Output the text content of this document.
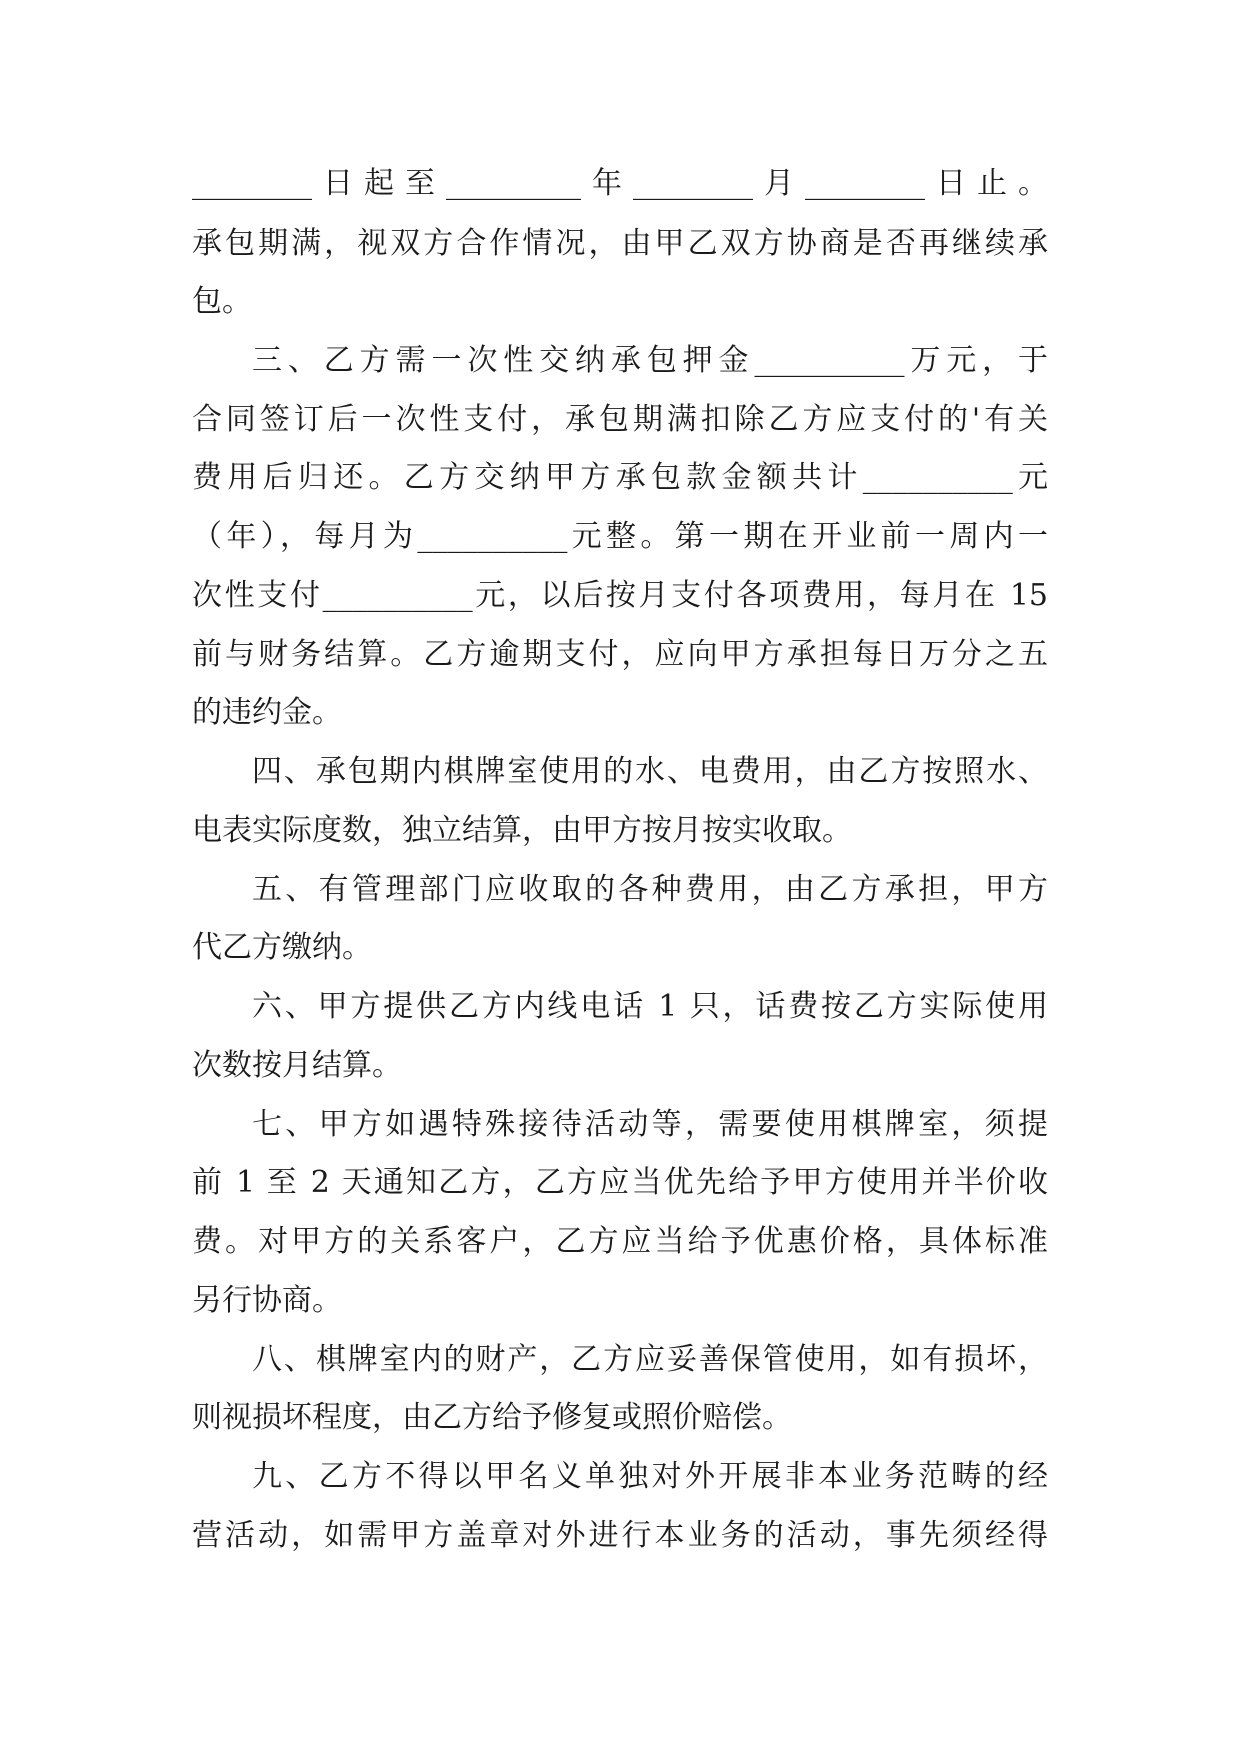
________日起至_________年________月________日止。
承包期满，视双方合作情况，由甲乙双方协商是否再继续承
包。
三、乙方需一次性交纳承包押金__________万元，于
合同签订后一次性支付，承包期满扣除乙方应支付的'有关
费用后归还。乙方交纳甲方承包款金额共计__________元
（年），每月为__________元整。第一期在开业前一周内一
次性支付__________元，以后按月支付各项费用，每月在 15
前与财务结算。乙方逾期支付，应向甲方承担每日万分之五
的违约金。
四、承包期内棋牌室使用的水、电费用，由乙方按照水、
电表实际度数，独立结算，由甲方按月按实收取。
五、有管理部门应收取的各种费用，由乙方承担，甲方
代乙方缴纳。
六、甲方提供乙方内线电话 1 只，话费按乙方实际使用
次数按月结算。
七、甲方如遇特殊接待活动等，需要使用棋牌室，须提
前 1 至 2 天通知乙方，乙方应当优先给予甲方使用并半价收
费。对甲方的关系客户，乙方应当给予优惠价格，具体标准
另行协商。
八、棋牌室内的财产，乙方应妥善保管使用，如有损坏，
则视损坏程度，由乙方给予修复或照价赔偿。
九、乙方不得以甲名义单独对外开展非本业务范畴的经
营活动，如需甲方盖章对外进行本业务的活动，事先须经得
